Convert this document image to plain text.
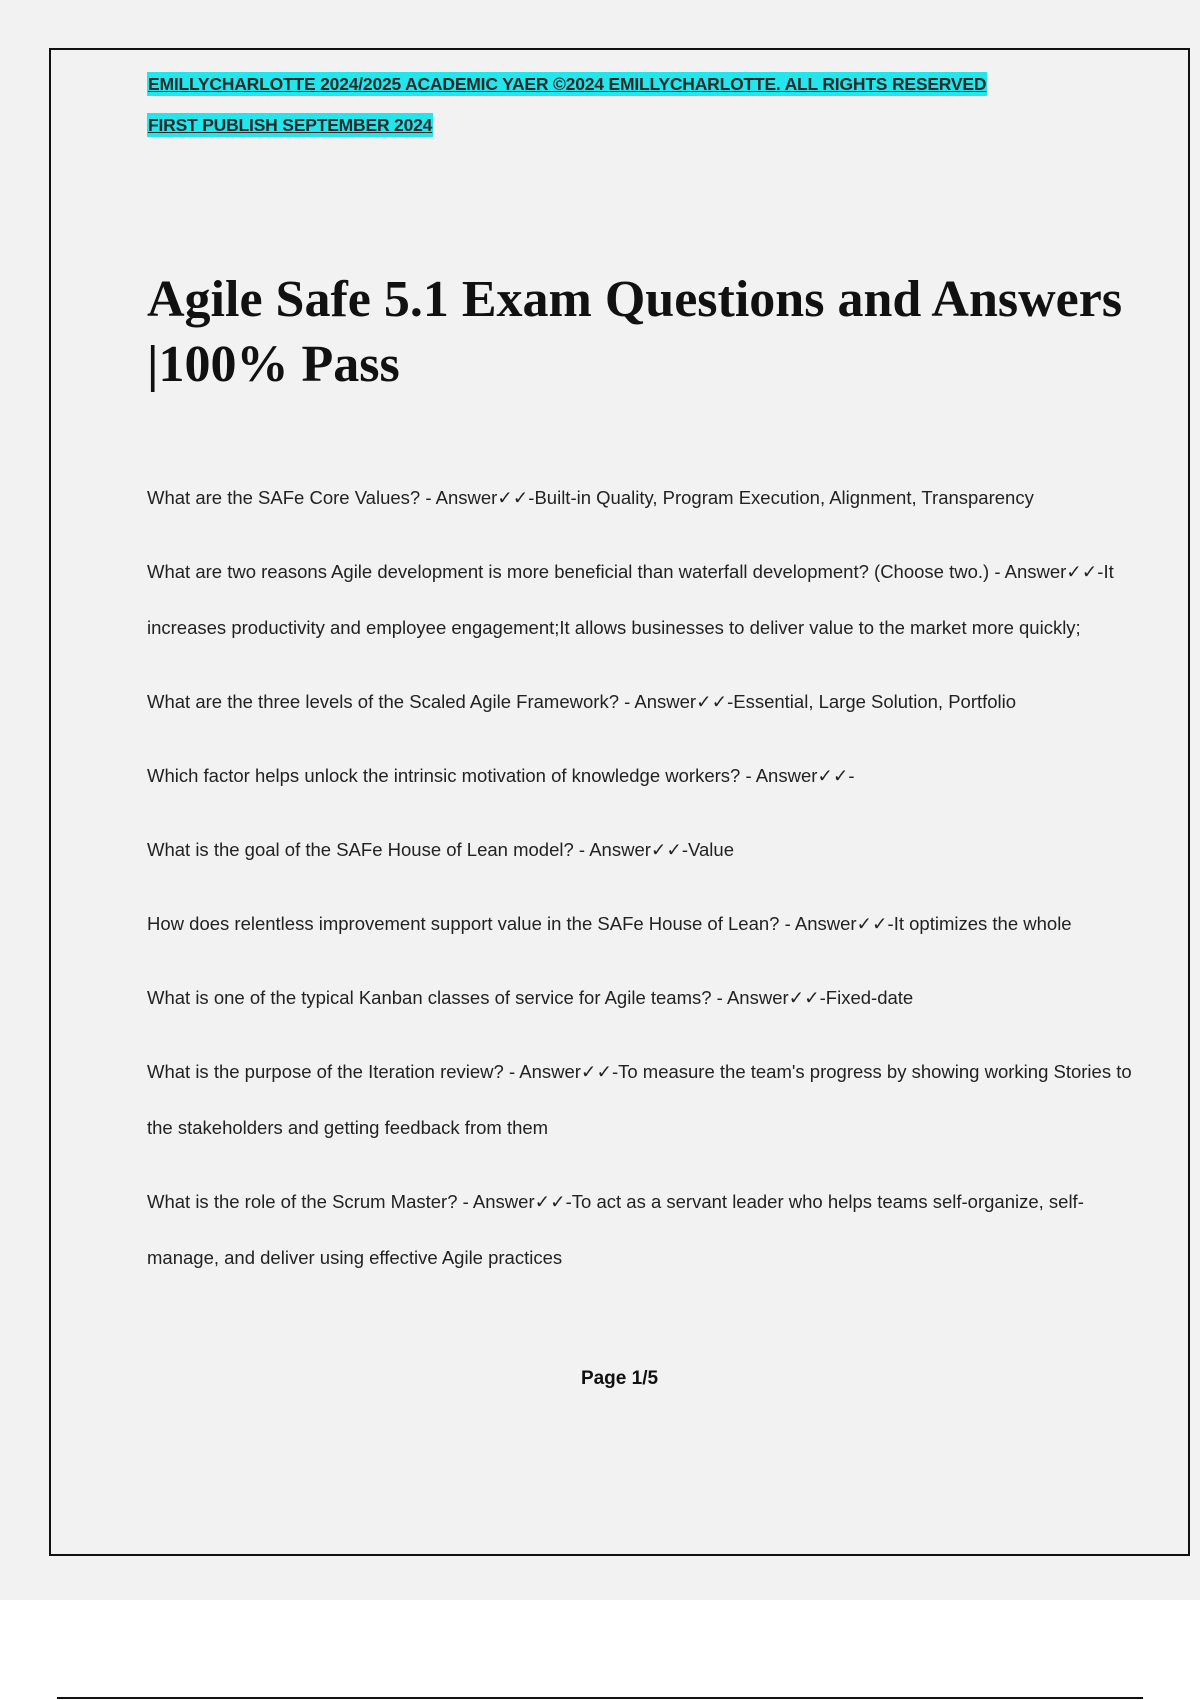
EMILLYCHARLOTTE 2024/2025 ACADEMIC YAER ©2024 EMILLYCHARLOTTE. ALL RIGHTS RESERVED
FIRST PUBLISH SEPTEMBER 2024
Agile Safe 5.1 Exam Questions and Answers |100% Pass
What are the SAFe Core Values? - Answer✓✓-Built-in Quality, Program Execution, Alignment, Transparency
What are two reasons Agile development is more beneficial than waterfall development? (Choose two.) - Answer✓✓-It increases productivity and employee engagement;It allows businesses to deliver value to the market more quickly;
What are the three levels of the Scaled Agile Framework? - Answer✓✓-Essential, Large Solution, Portfolio
Which factor helps unlock the intrinsic motivation of knowledge workers? - Answer✓✓-
What is the goal of the SAFe House of Lean model? - Answer✓✓-Value
How does relentless improvement support value in the SAFe House of Lean? - Answer✓✓-It optimizes the whole
What is one of the typical Kanban classes of service for Agile teams? - Answer✓✓-Fixed-date
What is the purpose of the Iteration review? - Answer✓✓-To measure the team's progress by showing working Stories to the stakeholders and getting feedback from them
What is the role of the Scrum Master? - Answer✓✓-To act as a servant leader who helps teams self-organize, self-manage, and deliver using effective Agile practices
Page 1/5
